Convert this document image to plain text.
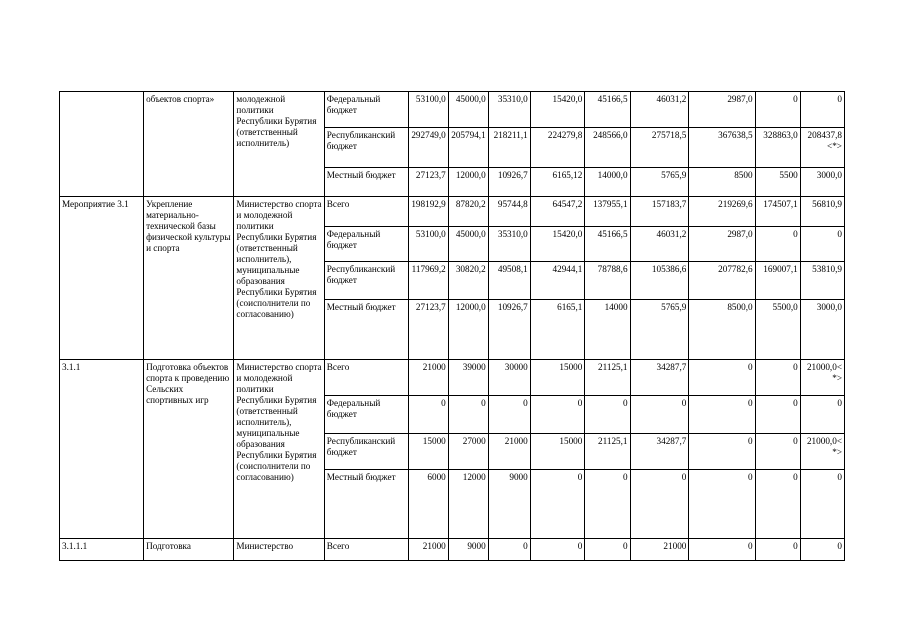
	объектов спорта»	молодежной политики Республики Бурятия (ответственный исполнитель)	Федеральный бюджет	53100,0	45000,0	35310,0	15420,0	45166,5	46031,2	2987,0	0	0
			Республиканский бюджет	292749,0	205794,1	218211,1	224279,8	248566,0	275718,5	367638,5	328863,0	208437,8<*>
			Местный бюджет	27123,7	12000,0	10926,7	6165,12	14000,0	5765,9	8500	5500	3000,0
Мероприятие 3.1	Укрепление материально-технической базы физической культуры и спорта	Министерство спорта и молодежной политики Республики Бурятия (ответственный исполнитель), муниципальные образования Республики Бурятия (соисполнители по согласованию)	Всего	198192,9	87820,2	95744,8	64547,2	137955,1	157183,7	219269,6	174507,1	56810,9
			Федеральный бюджет	53100,0	45000,0	35310,0	15420,0	45166,5	46031,2	2987,0	0	0
			Республиканский бюджет	117969,2	30820,2	49508,1	42944,1	78788,6	105386,6	207782,6	169007,1	53810,9
			Местный бюджет	27123,7	12000,0	10926,7	6165,1	14000	5765,9	8500,0	5500,0	3000,0
3.1.1	Подготовка объектов спорта к проведению Сельских спортивных игр	Министерство спорта и молодежной политики Республики Бурятия (ответственный исполнитель), муниципальные образования Республики Бурятия (соисполнители по согласованию)	Всего	21000	39000	30000	15000	21125,1	34287,7	0	0	21000,0<*>
			Федеральный бюджет	0	0	0	0	0	0	0	0	0
			Республиканский бюджет	15000	27000	21000	15000	21125,1	34287,7	0	0	21000,0<*>
			Местный бюджет	6000	12000	9000	0	0	0	0	0	0
3.1.1.1	Подготовка	Министерство	Всего	21000	9000	0	0	0	21000	0	0	0
